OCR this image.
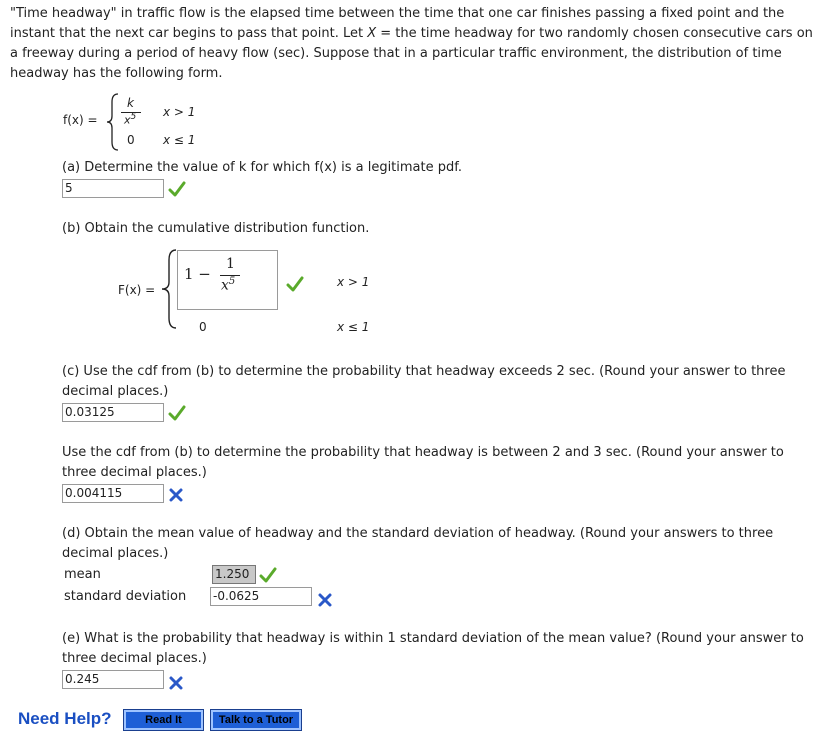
"Time headway" in traffic flow is the elapsed time between the time that one car finishes passing a fixed point and the instant that the next car begins to pass that point. Let X = the time headway for two randomly chosen consecutive cars on a freeway during a period of heavy flow (sec). Suppose that in a particular traffic environment, the distribution of time headway has the following form.
f(x) =
k
$x^5$ x > 1
0 x ≤ 1
(a) Determine the value of k for which f(x) is a legitimate pdf.
5
(b) Obtain the cumulative distribution function.
F(x) =
1 −
1
$x^5$	x > 1
0	x ≤ 1
(c) Use the cdf from (b) to determine the probability that headway exceeds 2 sec. (Round your answer to three decimal places.)
0.03125
Use the cdf from (b) to determine the probability that headway is between 2 and 3 sec. (Round your answer to three decimal places.)
0.004115
(d) Obtain the mean value of headway and the standard deviation of headway. (Round your answers to three decimal places.)
mean	1.250
standard deviation -0.0625
(e) What is the probability that headway is within 1 standard deviation of the mean value? (Round your answer to three decimal places.)
0.245
Need Help?	Read It	Talk to a Tutor
